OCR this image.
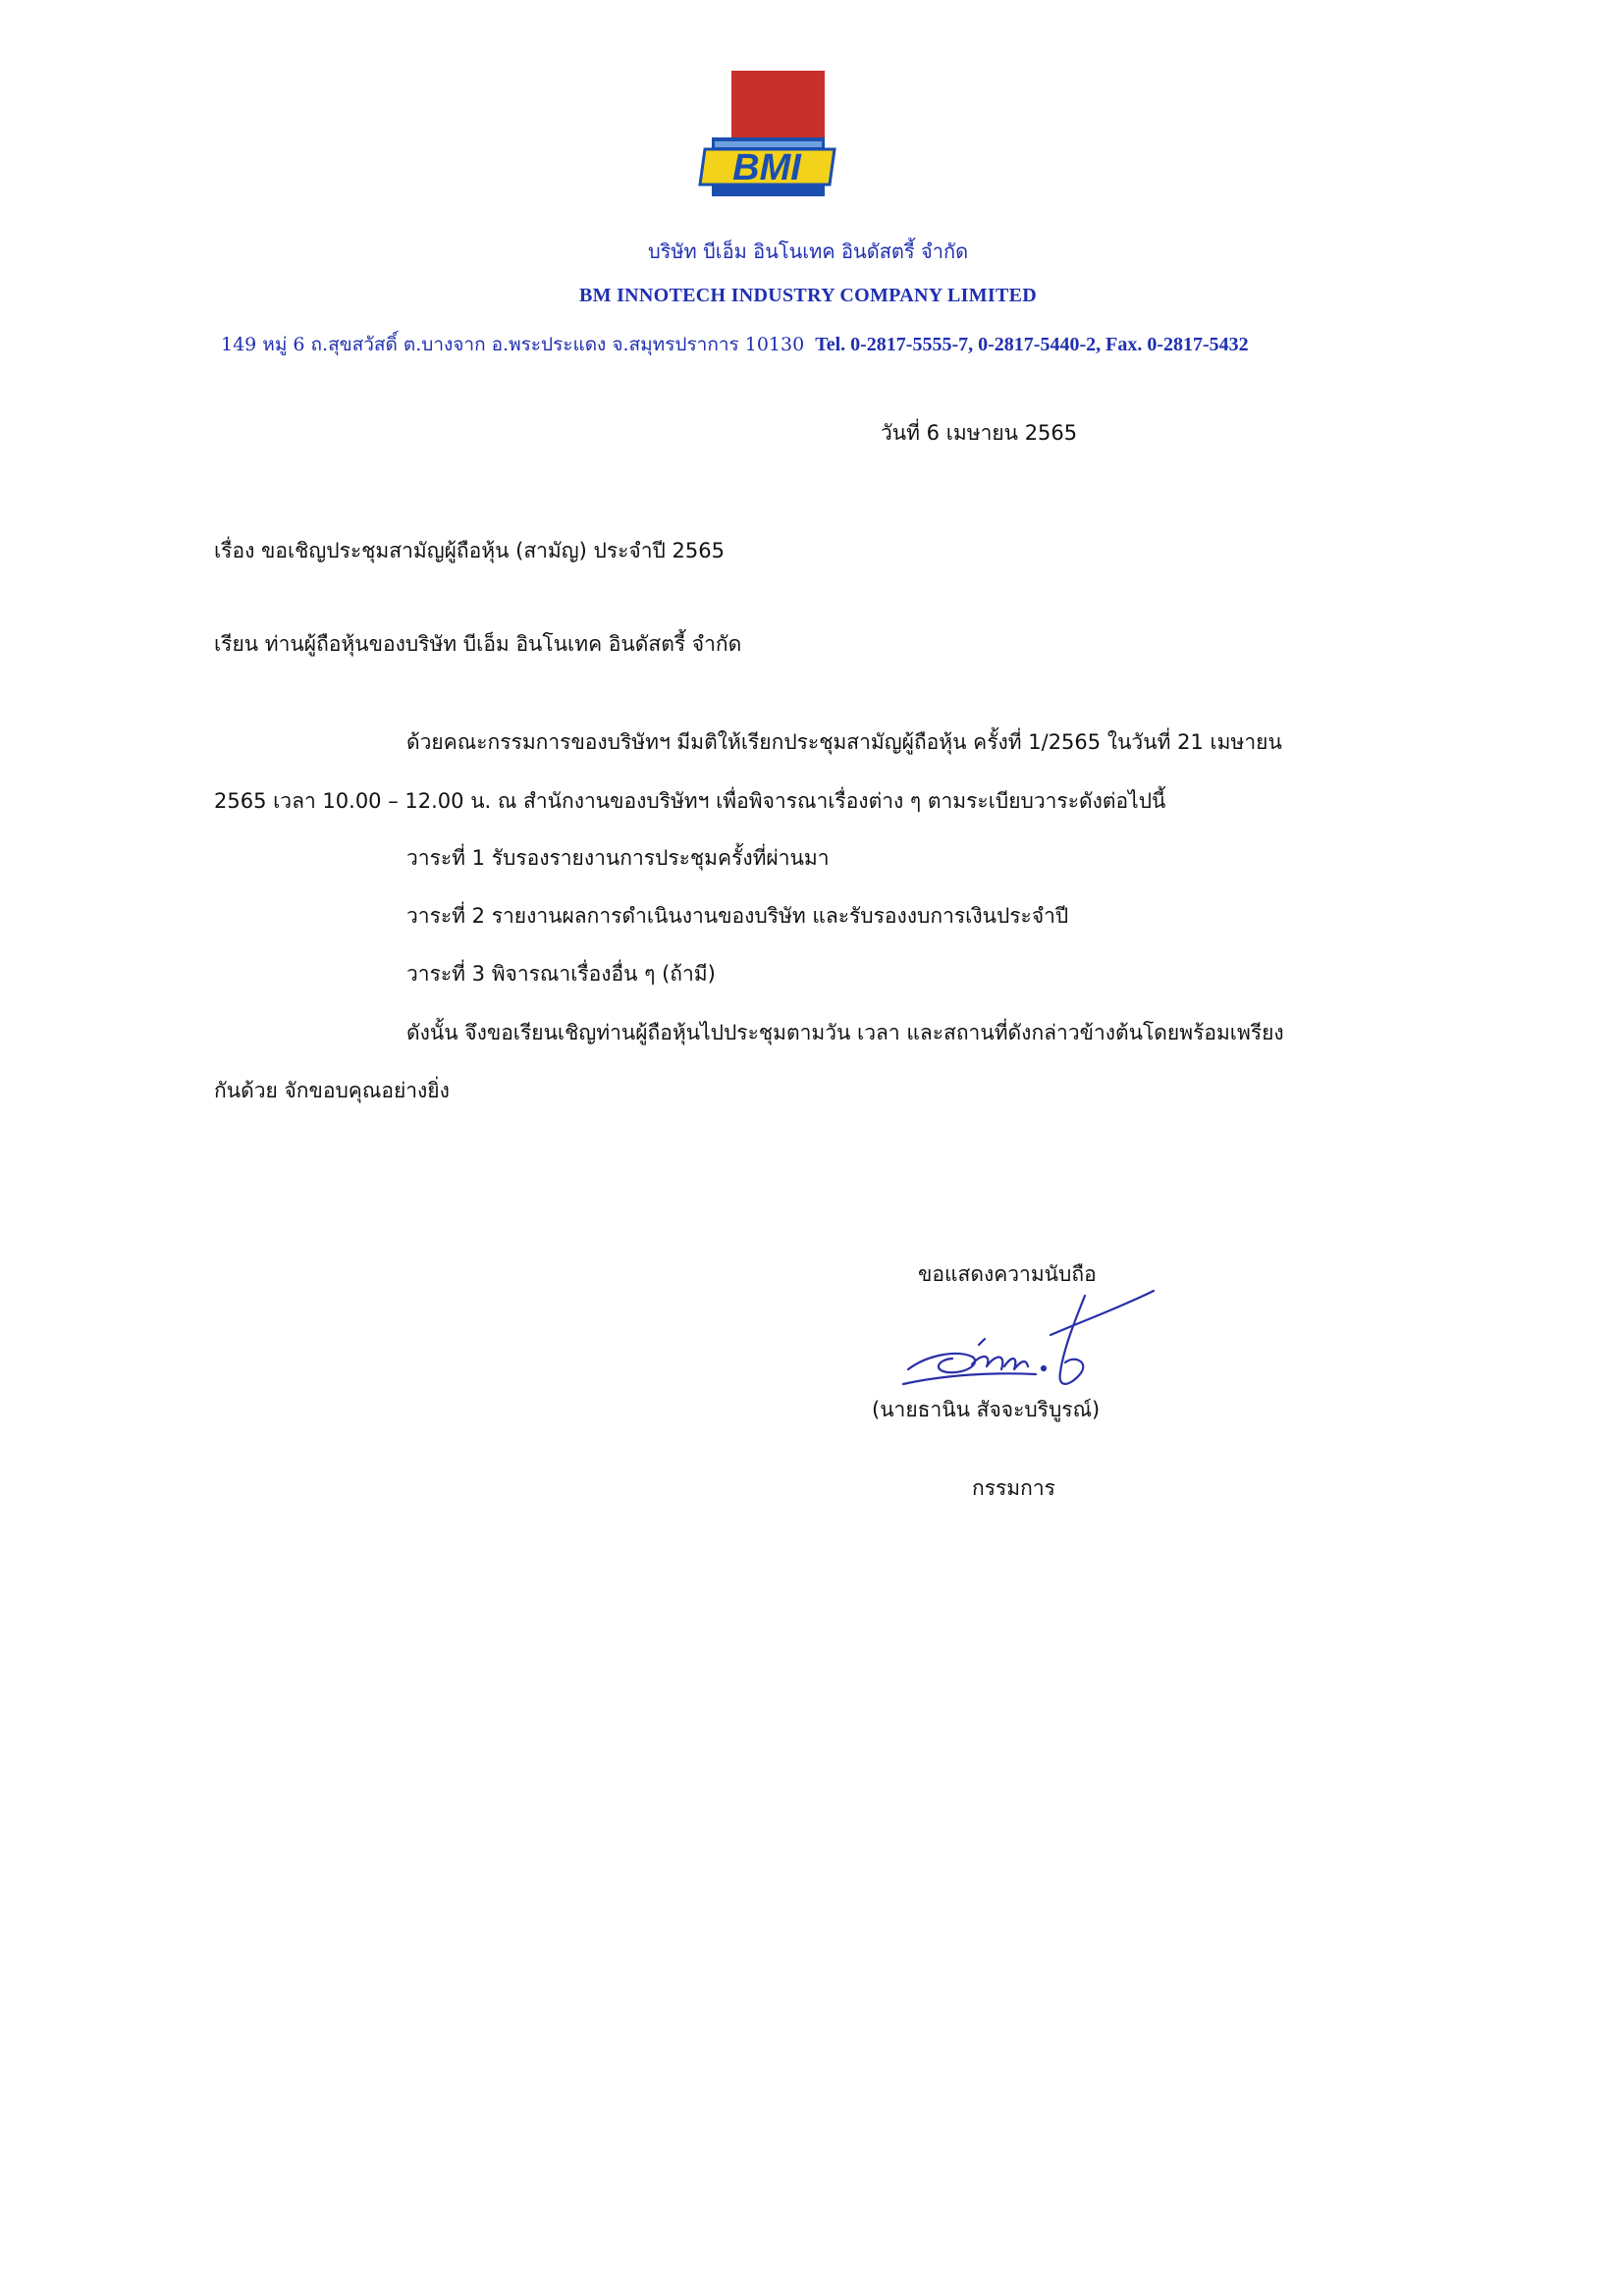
BMI
บริษัท บีเอ็ม อินโนเทค อินดัสตรี้ จำกัด
BM INNOTECH INDUSTRY COMPANY LIMITED
149 หมู่ 6 ถ.สุขสวัสดิ์ ต.บางจาก อ.พระประแดง จ.สมุทรปราการ 10130 Tel. 0-2817-5555-7, 0-2817-5440-2, Fax. 0-2817-5432
วันที่ 6 เมษายน 2565
เรื่อง ขอเชิญประชุมสามัญผู้ถือหุ้น (สามัญ) ประจำปี 2565
เรียน ท่านผู้ถือหุ้นของบริษัท บีเอ็ม อินโนเทค อินดัสตรี้ จำกัด
ด้วยคณะกรรมการของบริษัทฯ มีมติให้เรียกประชุมสามัญผู้ถือหุ้น ครั้งที่ 1/2565 ในวันที่ 21 เมษายน
2565 เวลา 10.00 – 12.00 น. ณ สำนักงานของบริษัทฯ เพื่อพิจารณาเรื่องต่าง ๆ ตามระเบียบวาระดังต่อไปนี้
วาระที่ 1 รับรองรายงานการประชุมครั้งที่ผ่านมา
วาระที่ 2 รายงานผลการดำเนินงานของบริษัท และรับรองงบการเงินประจำปี
วาระที่ 3 พิจารณาเรื่องอื่น ๆ (ถ้ามี)
ดังนั้น จึงขอเรียนเชิญท่านผู้ถือหุ้นไปประชุมตามวัน เวลา และสถานที่ดังกล่าวข้างต้นโดยพร้อมเพรียง
กันด้วย จักขอบคุณอย่างยิ่ง
ขอแสดงความนับถือ
(นายธานิน สัจจะบริบูรณ์)
กรรมการ
